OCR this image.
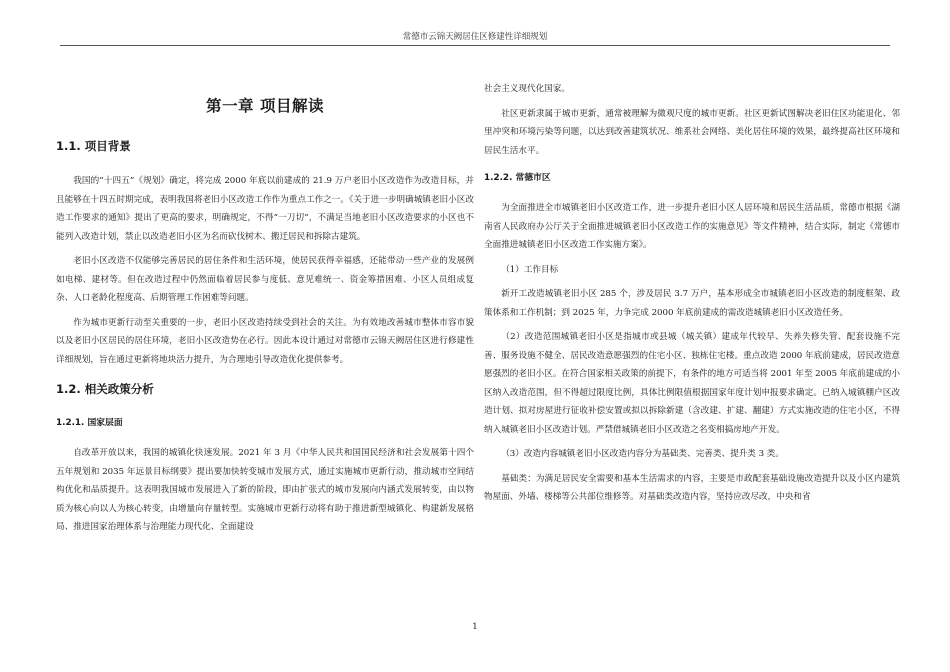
常德市云锦天阙居住区修建性详细规划
第一章 项目解读
1.1. 项目背景

我国的“十四五”《规划》确定，将完成 2000 年底以前建成的 21.9 万户老旧小区改造作为改造目标，并且能够在十四五时期完成，表明我国将老旧小区改造工作作为重点工作之一。《关于进一步明确城镇老旧小区改造工作要求的通知》提出了更高的要求，明确规定，不得“一刀切”，不满足当地老旧小区改造要求的小区也不能列入改造计划，禁止以改造老旧小区为名而砍伐树木、搬迁居民和拆除古建筑。

老旧小区改造不仅能够完善居民的居住条件和生活环境，使居民获得幸福感，还能带动一些产业的发展例如电梯、建材等。但在改造过程中仍然面临着居民参与度低、意见难统一、资金筹措困难、小区人员组成复杂、人口老龄化程度高、后期管理工作困难等问题。

作为城市更新行动至关重要的一步，老旧小区改造持续受到社会的关注。为有效地改善城市整体市容市貌以及老旧小区居民的居住环境，老旧小区改造势在必行。因此本设计通过对常德市云锦天阙居住区进行修建性详细规划，旨在通过更新将地块活力提升，为合理地引导改造优化提供参考。

1.2. 相关政策分析
1.2.1. 国家层面

自改革开放以来，我国的城镇化快速发展。2021 年 3 月《中华人民共和国国民经济和社会发展第十四个五年规划和 2035 年远景目标纲要》提出要加快转变城市发展方式，通过实施城市更新行动，推动城市空间结构优化和品质提升。这表明我国城市发展进入了新的阶段，即由扩张式的城市发展向内涵式发展转变，由以物质为核心向以人为核心转变，由增量向存量转型。实施城市更新行动将有助于推进新型城镇化、构建新发展格局、推进国家治理体系与治理能力现代化、全面建设

社会主义现代化国家。

社区更新隶属于城市更新，通常被理解为微观尺度的城市更新。社区更新试图解决老旧住区功能退化、邻里冲突和环境污染等问题，以达到改善建筑状况、维系社会网络、美化居住环境的效果，最终提高社区环境和居民生活水平。

1.2.2. 常德市区

为全面推进全市城镇老旧小区改造工作，进一步提升老旧小区人居环境和居民生活品质，常德市根据《湖南省人民政府办公厅关于全面推进城镇老旧小区改造工作的实施意见》等文件精神，结合实际，制定《常德市全面推进城镇老旧小区改造工作实施方案》。

（1）工作目标

新开工改造城镇老旧小区 285 个，涉及居民 3.7 万户，基本形成全市城镇老旧小区改造的制度框架、政策体系和工作机制；到 2025 年，力争完成 2000 年底前建成的需改造城镇老旧小区改造任务。

（2）改造范围城镇老旧小区是指城市或县城（城关镇）建成年代较早、失养失修失管、配套设施不完善、服务设施不健全、居民改造意愿强烈的住宅小区、独栋住宅楼。重点改造 2000 年底前建成，居民改造意愿强烈的老旧小区。在符合国家相关政策的前提下，有条件的地方可适当将 2001 年至 2005 年底前建成的小区纳入改造范围，但不得超过限度比例，具体比例限值根据国家年度计划申报要求确定。已纳入城镇棚户区改造计划、拟对房屋进行征收补偿安置或拟以拆除新建（含改建、扩建、翻建）方式实施改造的住宅小区，不得纳入城镇老旧小区改造计划。严禁借城镇老旧小区改造之名变相搞房地产开发。

（3）改造内容城镇老旧小区改造内容分为基础类、完善类、提升类 3 类。

基础类：为满足居民安全需要和基本生活需求的内容，主要是市政配套基础设施改造提升以及小区内建筑物屋面、外墙、楼梯等公共部位维修等。对基础类改造内容，坚持应改尽改，中央和省

1
